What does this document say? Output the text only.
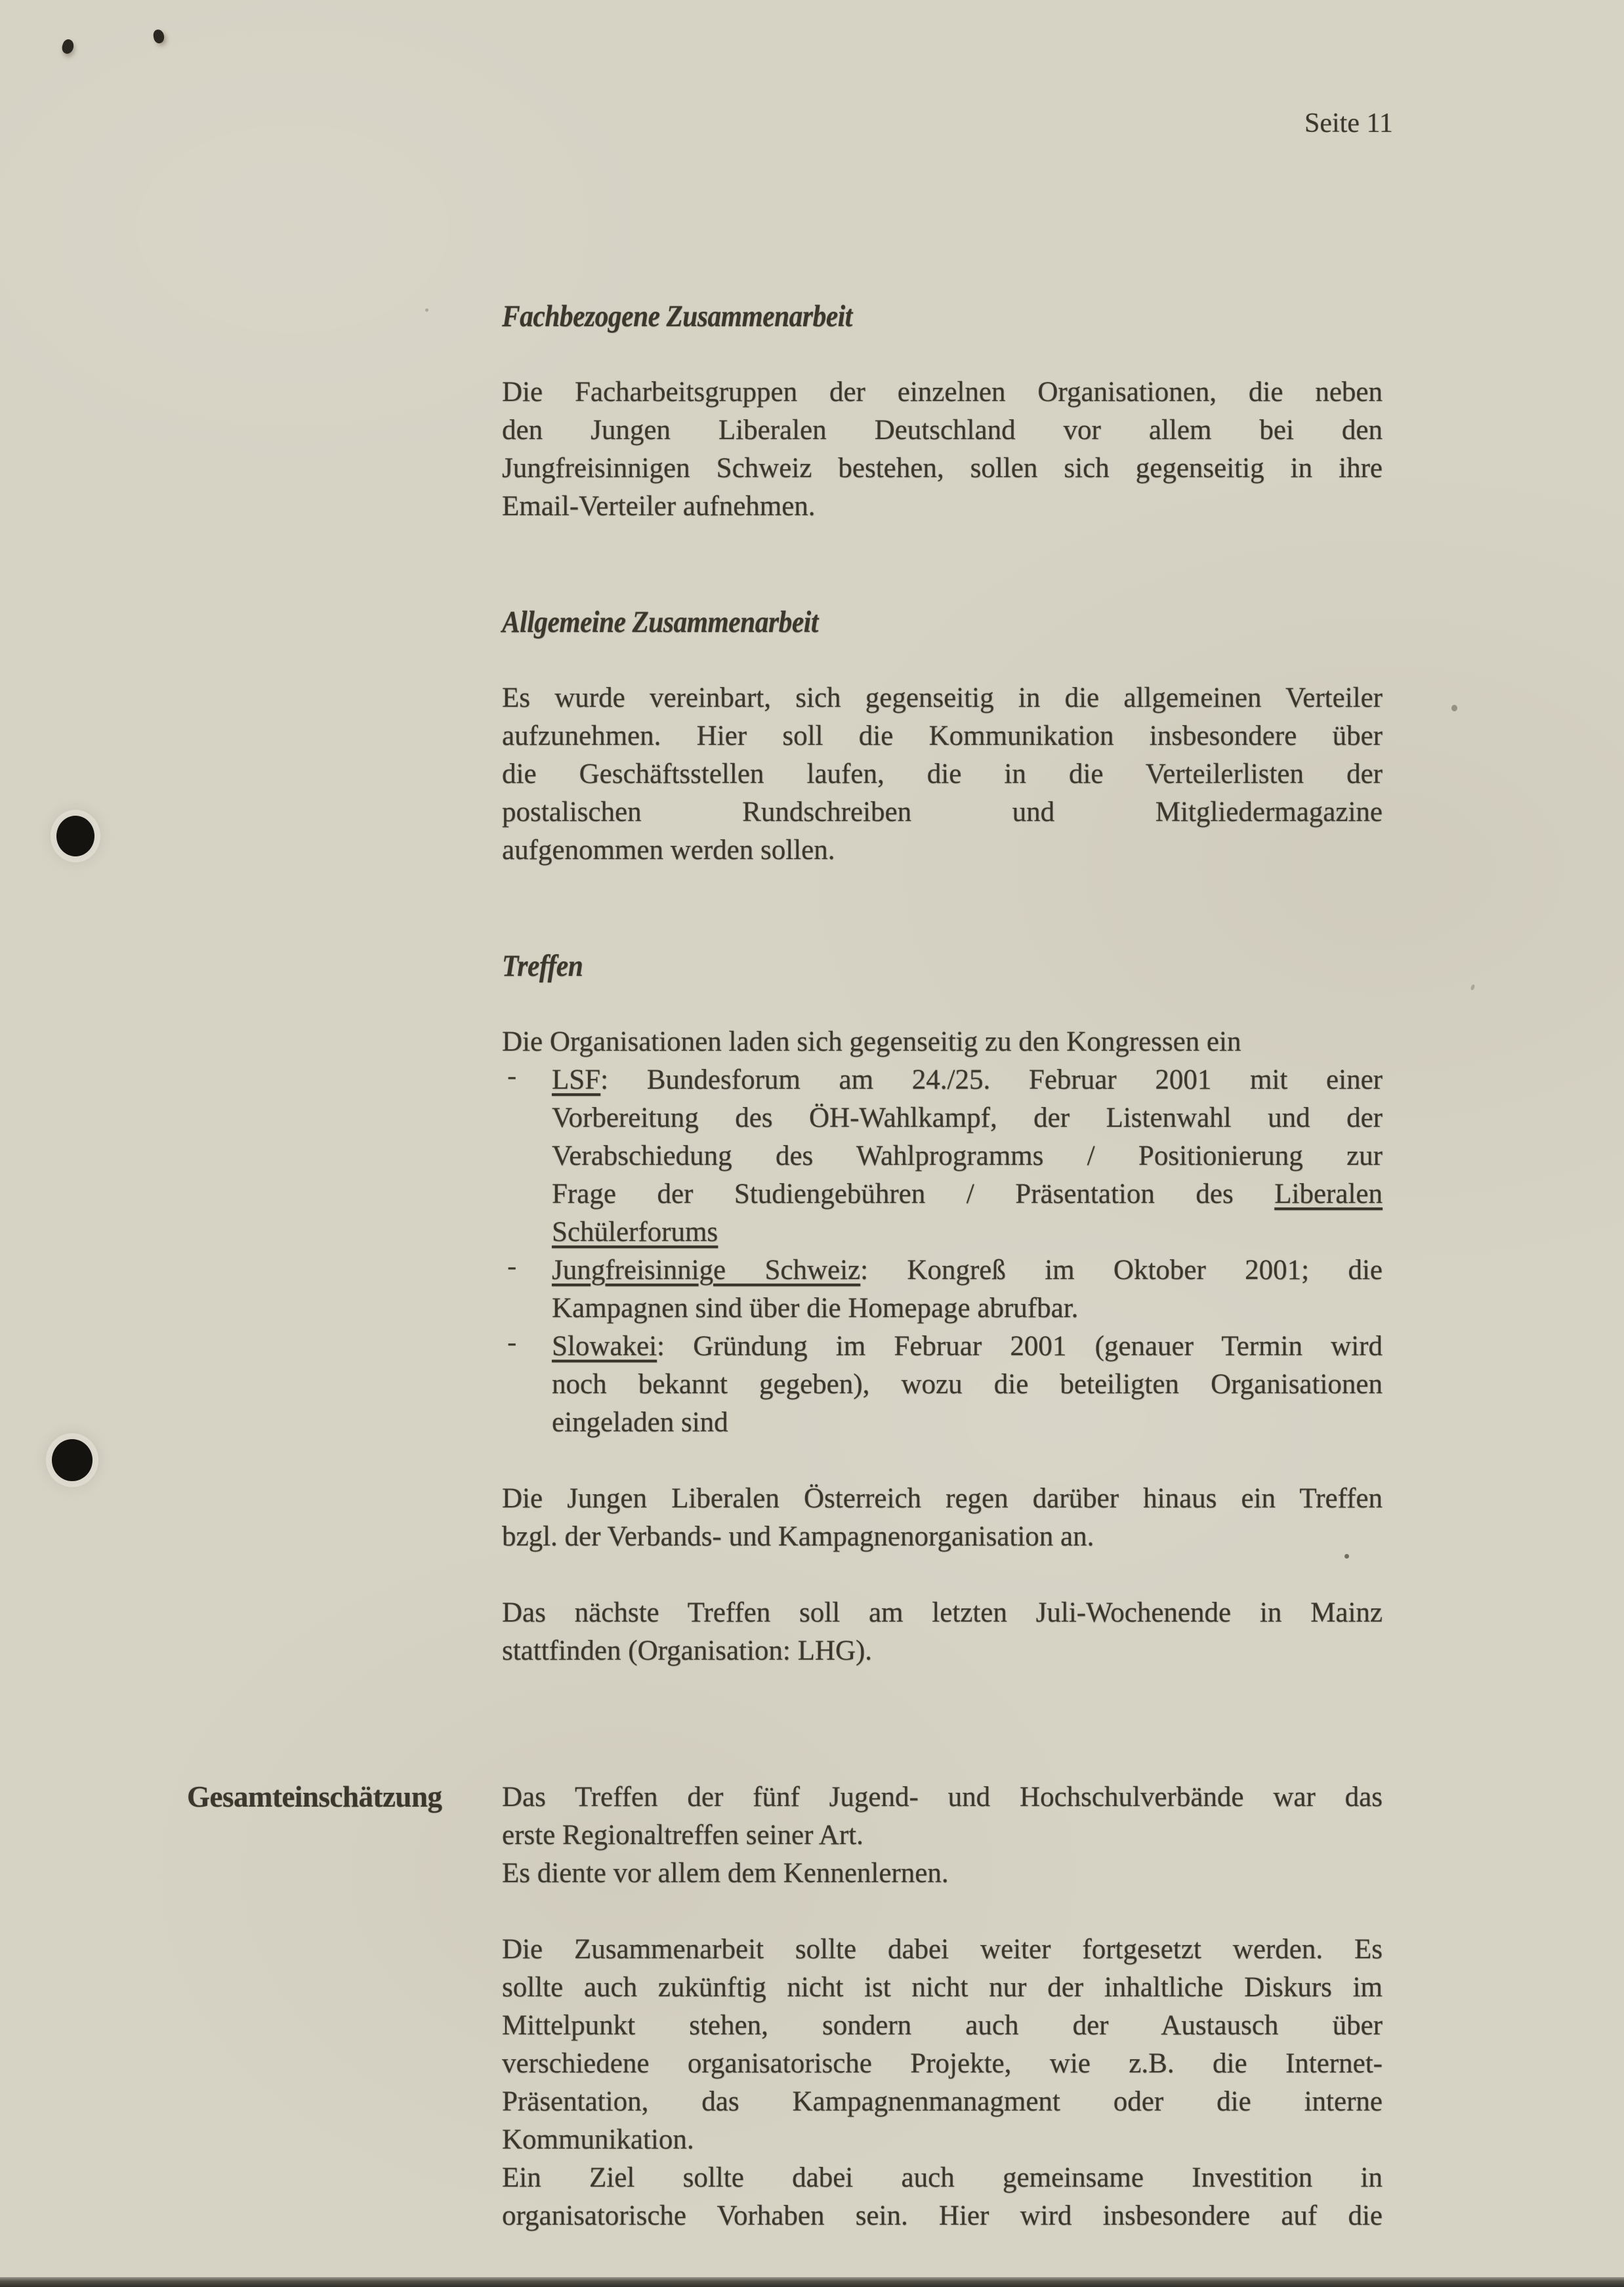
Seite 11
Fachbezogene Zusammenarbeit
Die Facharbeitsgruppen der einzelnen Organisationen, die neben
den Jungen Liberalen Deutschland vor allem bei den
Jungfreisinnigen Schweiz bestehen, sollen sich gegenseitig in ihre
Email-Verteiler aufnehmen.
Allgemeine Zusammenarbeit
Es wurde vereinbart, sich gegenseitig in die allgemeinen Verteiler
aufzunehmen. Hier soll die Kommunikation insbesondere über
die Geschäftsstellen laufen, die in die Verteilerlisten der
postalischen Rundschreiben und Mitgliedermagazine
aufgenommen werden sollen.
Treffen
Die Organisationen laden sich gegenseitig zu den Kongressen ein
- LSF: Bundesforum am 24./25. Februar 2001 mit einer
Vorbereitung des ÖH-Wahlkampf, der Listenwahl und der
Verabschiedung des Wahlprogramms / Positionierung zur
Frage der Studiengebühren / Präsentation des Liberalen
Schülerforums
- Jungfreisinnige Schweiz: Kongreß im Oktober 2001; die
Kampagnen sind über die Homepage abrufbar.
- Slowakei: Gründung im Februar 2001 (genauer Termin wird
noch bekannt gegeben), wozu die beteiligten Organisationen
eingeladen sind
Die Jungen Liberalen Österreich regen darüber hinaus ein Treffen
bzgl. der Verbands- und Kampagnenorganisation an.
Das nächste Treffen soll am letzten Juli-Wochenende in Mainz
stattfinden (Organisation: LHG).
Gesamteinschätzung Das Treffen der fünf Jugend- und Hochschulverbände war das
erste Regionaltreffen seiner Art.
Es diente vor allem dem Kennenlernen.
Die Zusammenarbeit sollte dabei weiter fortgesetzt werden. Es
sollte auch zukünftig nicht ist nicht nur der inhaltliche Diskurs im
Mittelpunkt stehen, sondern auch der Austausch über
verschiedene organisatorische Projekte, wie z.B. die Internet-
Präsentation, das Kampagnenmanagment oder die interne
Kommunikation.
Ein Ziel sollte dabei auch gemeinsame Investition in
organisatorische Vorhaben sein. Hier wird insbesondere auf die
